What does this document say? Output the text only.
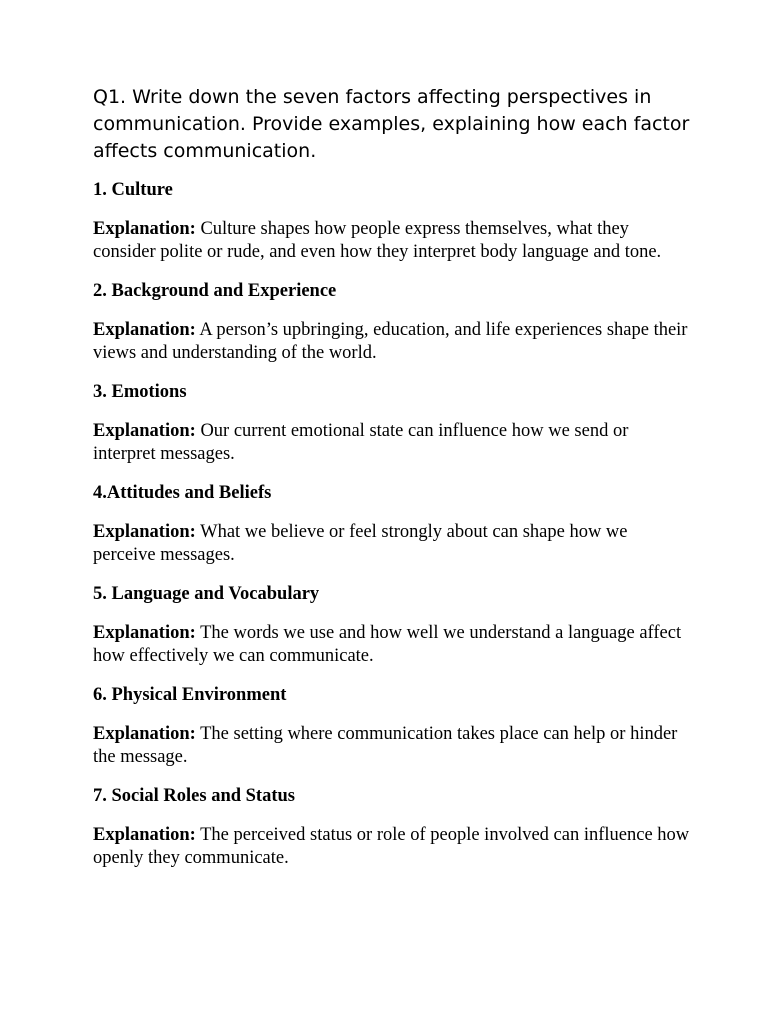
Q1. Write down the seven factors affecting perspectives in communication. Provide examples, explaining how each factor affects communication.

1. Culture

Explanation: Culture shapes how people express themselves, what they consider polite or rude, and even how they interpret body language and tone.

2. Background and Experience

Explanation: A person’s upbringing, education, and life experiences shape their views and understanding of the world.

3. Emotions

Explanation: Our current emotional state can influence how we send or interpret messages.

4.Attitudes and Beliefs

Explanation: What we believe or feel strongly about can shape how we perceive messages.

5. Language and Vocabulary

Explanation: The words we use and how well we understand a language affect how effectively we can communicate.

6. Physical Environment

Explanation: The setting where communication takes place can help or hinder the message.

7. Social Roles and Status

Explanation: The perceived status or role of people involved can influence how openly they communicate.
